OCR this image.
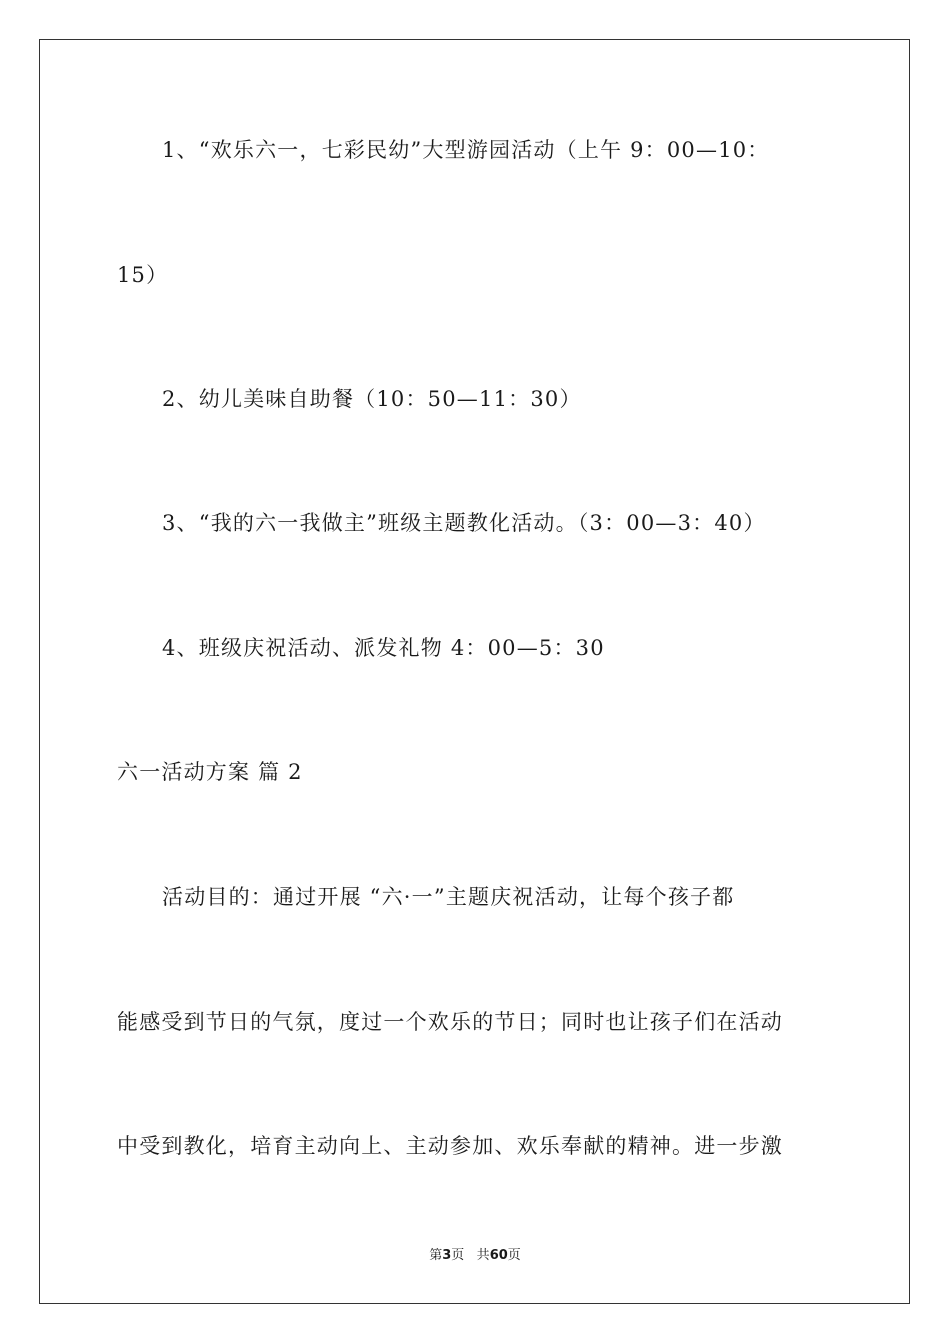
1、“欢乐六一，七彩民幼”大型游园活动（上午 9：00—10：
15）
2、幼儿美味自助餐（10：50—11：30）
3、“我的六一我做主”班级主题教化活动。（3：00—3：40）
4、班级庆祝活动、派发礼物 4：00—5：30
六一活动方案 篇 2
活动目的：通过开展 “六·一”主题庆祝活动，让每个孩子都
能感受到节日的气氛，度过一个欢乐的节日；同时也让孩子们在活动
中受到教化，培育主动向上、主动参加、欢乐奉献的精神。进一步激
第3页 共60页
